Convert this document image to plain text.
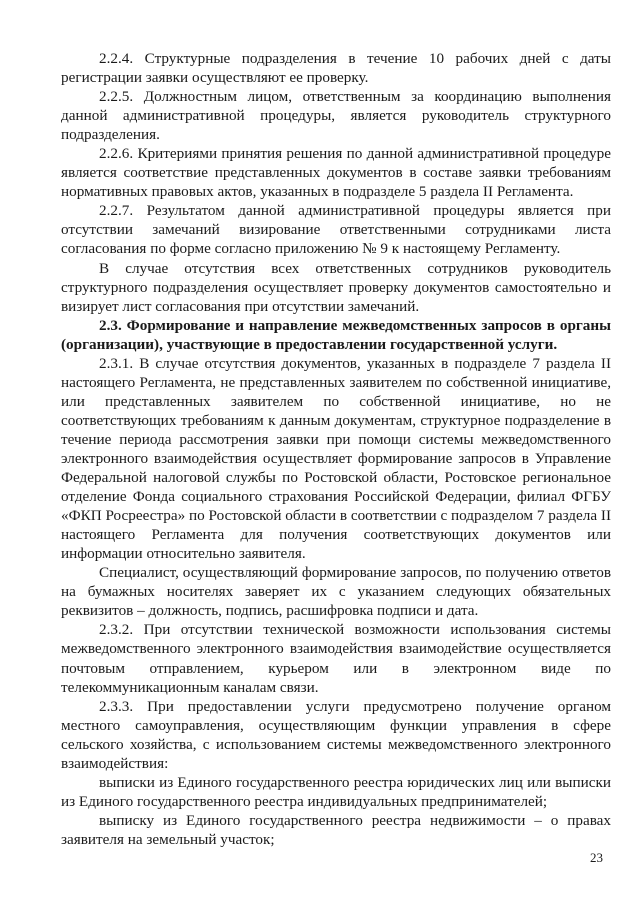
2.2.4. Структурные подразделения в течение 10 рабочих дней с даты регистрации заявки осуществляют ее проверку.

2.2.5. Должностным лицом, ответственным за координацию выполнения данной административной процедуры, является руководитель структурного подразделения.

2.2.6. Критериями принятия решения по данной административной процедуре является соответствие представленных документов в составе заявки требованиям нормативных правовых актов, указанных в подразделе 5 раздела II Регламента.

2.2.7. Результатом данной административной процедуры является при отсутствии замечаний визирование ответственными сотрудниками листа согласования по форме согласно приложению № 9 к настоящему Регламенту.

В случае отсутствия всех ответственных сотрудников руководитель структурного подразделения осуществляет проверку документов самостоятельно и визирует лист согласования при отсутствии замечаний.

2.3. Формирование и направление межведомственных запросов в органы (организации), участвующие в предоставлении государственной услуги.

2.3.1. В случае отсутствия документов, указанных в подразделе 7 раздела II настоящего Регламента, не представленных заявителем по собственной инициативе, или представленных заявителем по собственной инициативе, но не соответствующих требованиям к данным документам, структурное подразделение в течение периода рассмотрения заявки при помощи системы межведомственного электронного взаимодействия осуществляет формирование запросов в Управление Федеральной налоговой службы по Ростовской области, Ростовское региональное отделение Фонда социального страхования Российской Федерации, филиал ФГБУ «ФКП Росреестра» по Ростовской области в соответствии с подразделом 7 раздела II настоящего Регламента для получения соответствующих документов или информации относительно заявителя.

Специалист, осуществляющий формирование запросов, по получению ответов на бумажных носителях заверяет их с указанием следующих обязательных реквизитов – должность, подпись, расшифровка подписи и дата.

2.3.2. При отсутствии технической возможности использования системы межведомственного электронного взаимодействия взаимодействие осуществляется почтовым отправлением, курьером или в электронном виде по телекоммуникационным каналам связи.

2.3.3. При предоставлении услуги предусмотрено получение органом местного самоуправления, осуществляющим функции управления в сфере сельского хозяйства, с использованием системы межведомственного электронного взаимодействия:

выписки из Единого государственного реестра юридических лиц или выписки из Единого государственного реестра индивидуальных предпринимателей;

выписку из Единого государственного реестра недвижимости – о правах заявителя на земельный участок;

23
